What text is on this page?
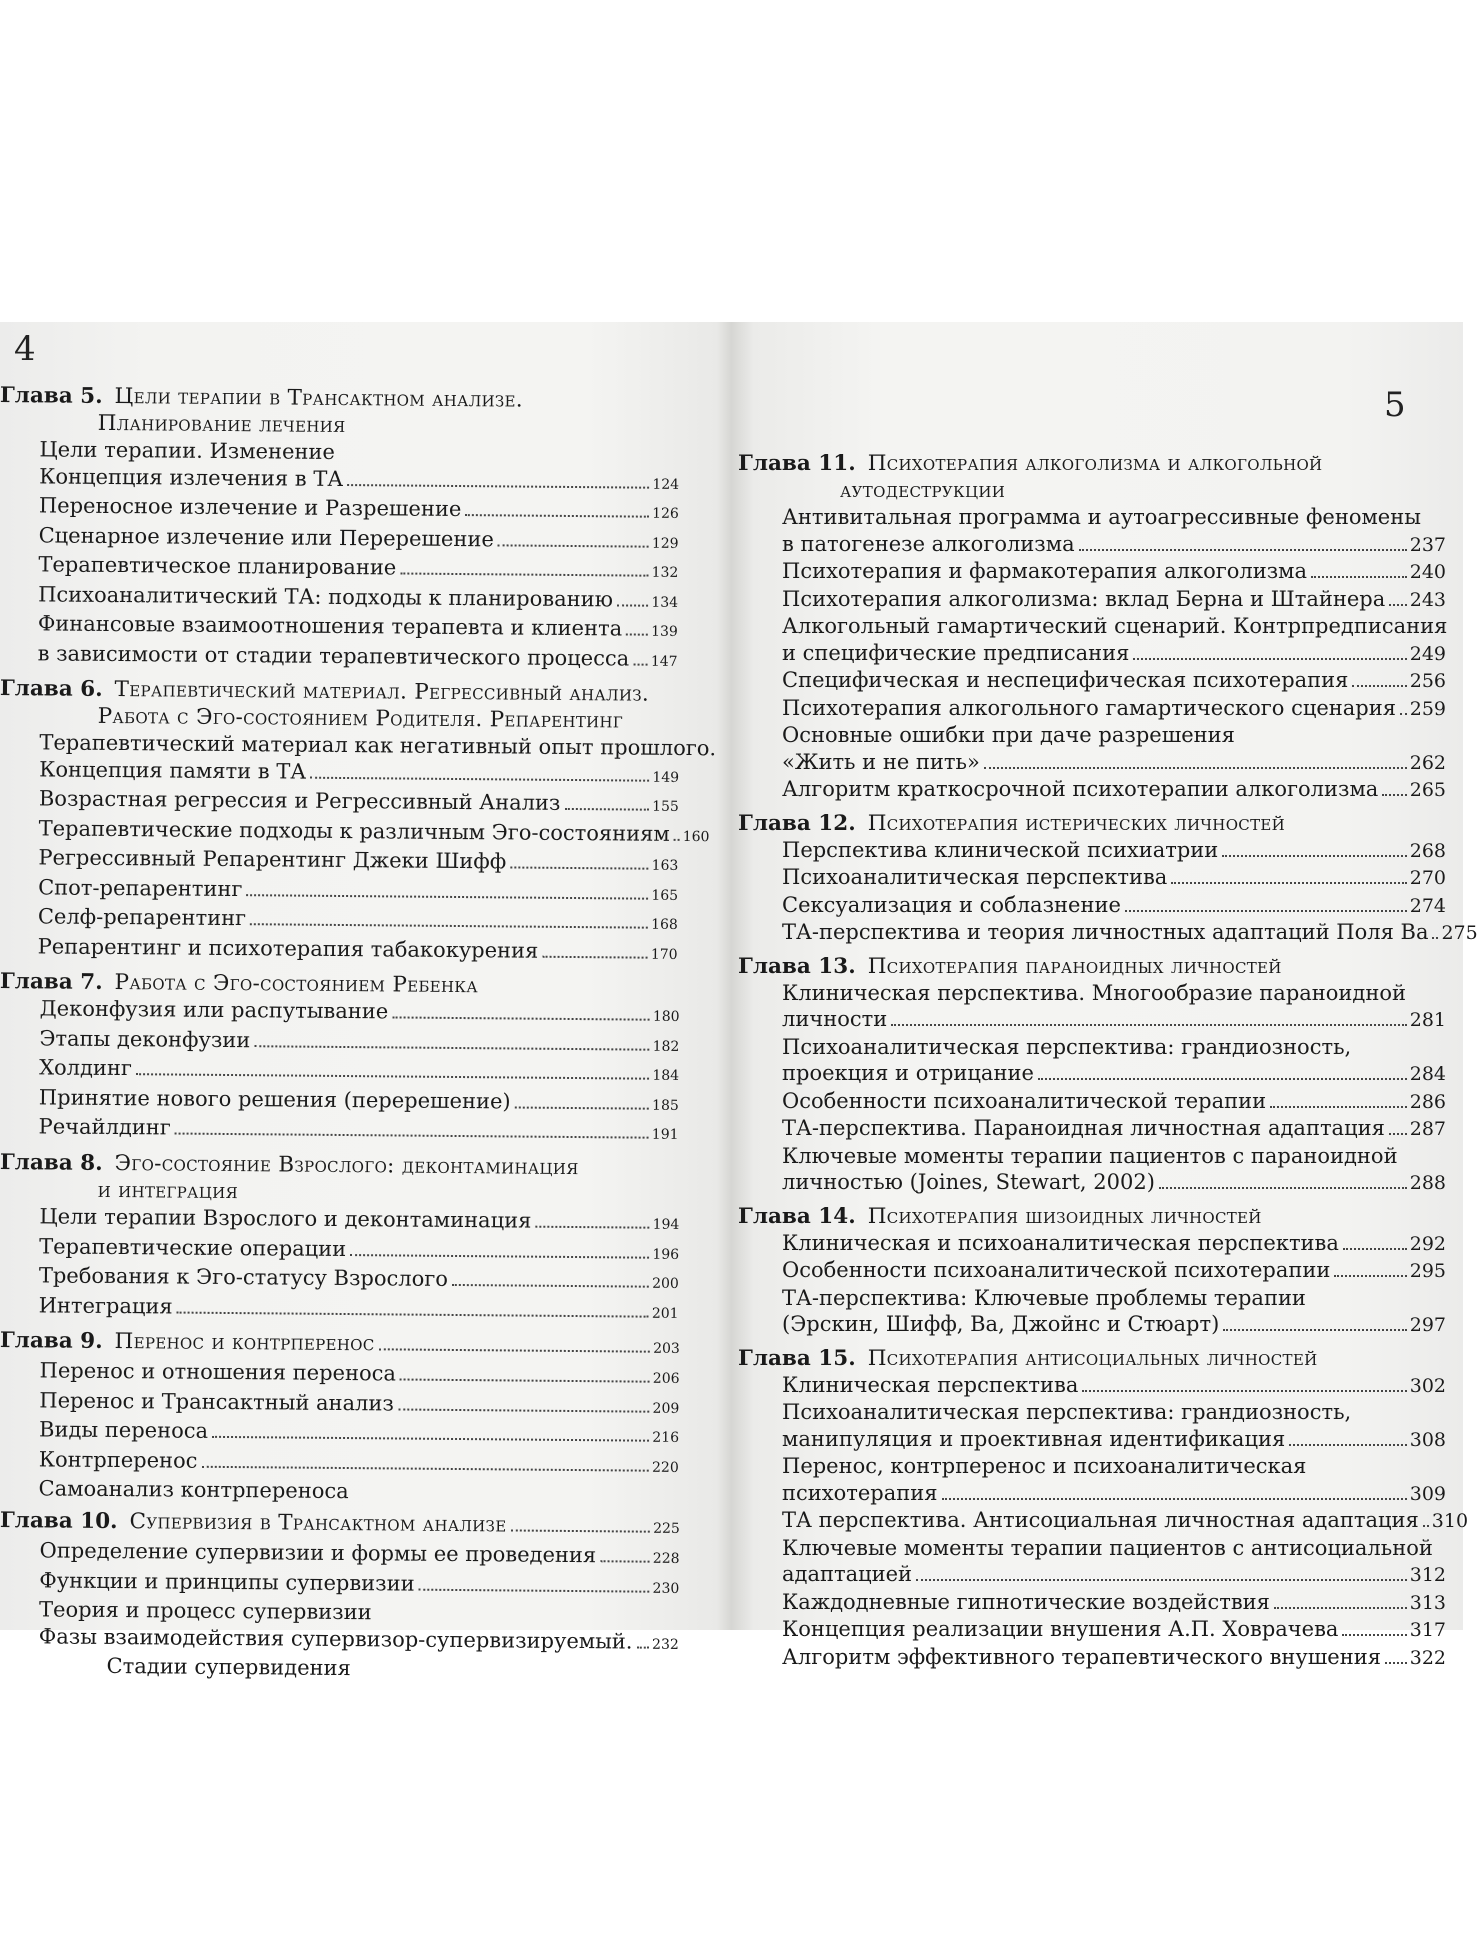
4
5
Глава 5. Цели терапии в Трансактном анализе.
Планирование лечения
Цели терапии. Изменение
Концепция излечения в ТА	124
Переносное излечение и Разрешение	126
Сценарное излечение или Перерешение	129
Терапевтическое планирование	132
Психоаналитический ТА: подходы к планированию	134
Финансовые взаимоотношения терапевта и клиента 139
в зависимости от стадии терапевтического процесса 147
Глава 6. Терапевтический материал. Регрессивный анализ.
Работа с Эго-состоянием Родителя. Репарентинг
Терапевтический материал как негативный опыт прошлого.
Концепция памяти в ТА	149
Возрастная регрессия и Регрессивный Анализ	155
Терапевтические подходы к различным Эго-состояниям 160
Регрессивный Репарентинг Джеки Шифф	163
Спот-репарентинг	165
Селф-репарентинг	168
Репарентинг и психотерапия табакокурения	170
Глава 7. Работа с Эго-состоянием Ребенка
Деконфузия или распутывание	180
Этапы деконфузии	182
Холдинг	184
Принятие нового решения (перерешение)	185
Речайлдинг	191
Глава 8. Эго-состояние Взрослого: деконтаминация
и интеграция
Цели терапии Взрослого и деконтаминация	194
Терапевтические операции	196
Требования к Эго-статусу Взрослого	200
Интеграция	201
Глава 9. Перенос и контрперенос	203
Перенос и отношения переноса	206
Перенос и Трансактный анализ	209
Виды переноса	216
Контрперенос	220
Самоанализ контрпереноса
Глава 10. Супервизия в Трансактном анализе	225
Определение супервизии и формы ее проведения	228
Функции и принципы супервизии	230
Теория и процесс супервизии
Фазы взаимодействия супервизор-супервизируемый. 232
Стадии супервидения
Глава 11. Психотерапия алкоголизма и алкогольной
аутодеструкции
Антивитальная программа и аутоагрессивные феномены
в патогенезе алкоголизма	237
Психотерапия и фармакотерапия алкоголизма	240
Психотерапия алкоголизма: вклад Берна и Штайнера 243
Алкогольный гамартический сценарий. Контрпредписания
и специфические предписания	249
Специфическая и неспецифическая психотерапия	256
Психотерапия алкогольного гамартического сценария 259
Основные ошибки при даче разрешения
«Жить и не пить»	262
Алгоритм краткосрочной психотерапии алкоголизма 265
Глава 12. Психотерапия истерических личностей
Перспектива клинической психиатрии	268
Психоаналитическая перспектива	270
Сексуализация и соблазнение	274
ТА-перспектива и теория личностных адаптаций Поля Ва 275
Глава 13. Психотерапия параноидных личностей
Клиническая перспектива. Многообразие параноидной
личности	281
Психоаналитическая перспектива: грандиозность,
проекция и отрицание	284
Особенности психоаналитической терапии	286
ТА-перспектива. Параноидная личностная адаптация 287
Ключевые моменты терапии пациентов с параноидной
личностью (Joines, Stewart, 2002)	288
Глава 14. Психотерапия шизоидных личностей
Клиническая и психоаналитическая перспектива	292
Особенности психоаналитической психотерапии	295
ТА-перспектива: Ключевые проблемы терапии
(Эрскин, Шифф, Ва, Джойнс и Стюарт)	297
Глава 15. Психотерапия антисоциальных личностей
Клиническая перспектива	302
Психоаналитическая перспектива: грандиозность,
манипуляция и проективная идентификация	308
Перенос, контрперенос и психоаналитическая
психотерапия	309
ТА перспектива. Антисоциальная личностная адаптация 310
Ключевые моменты терапии пациентов с антисоциальной
адаптацией	312
Каждодневные гипнотические воздействия	313
Концепция реализации внушения А.П. Ховрачева	317
Алгоритм эффективного терапевтического внушения 322
